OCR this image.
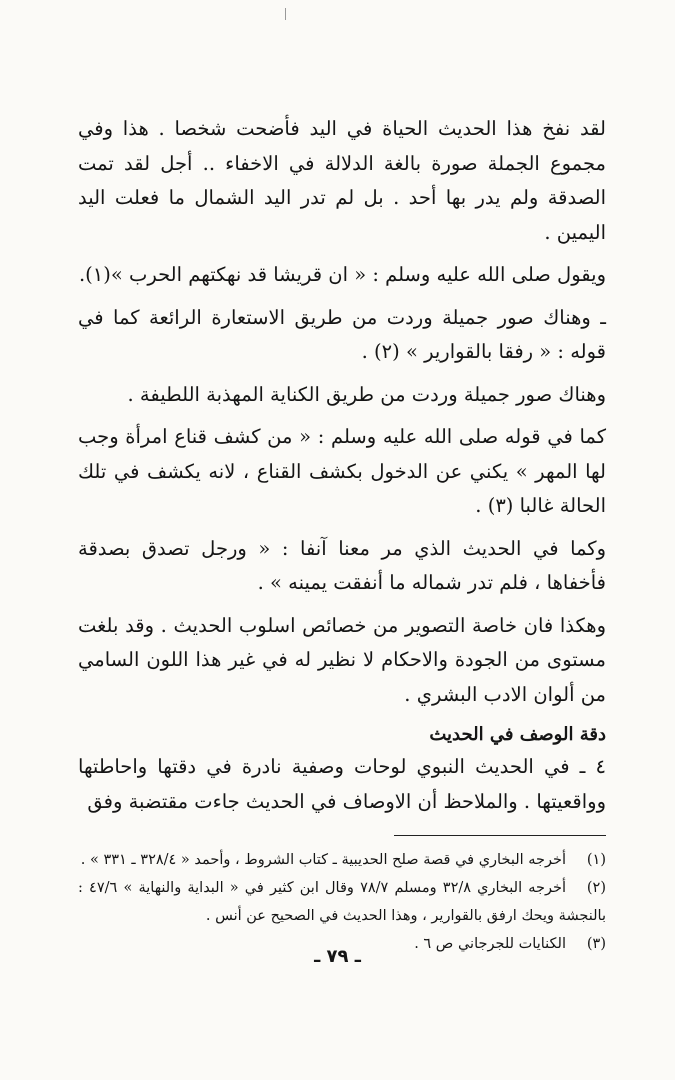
لقد نفخ هذا الحديث الحياة في اليد فأضحت شخصا . هذا وفي مجموع الجملة صورة بالغة الدلالة في الاخفاء .. أجل لقد تمت الصدقة ولم يدر بها أحد . بل لم تدر اليد الشمال ما فعلت اليد اليمين .

ويقول صلى الله عليه وسلم : « ان قريشا قد نهكتهم الحرب »(١).

ـ وهناك صور جميلة وردت من طريق الاستعارة الرائعة كما في قوله : « رفقا بالقوارير » (٢) .

وهناك صور جميلة وردت من طريق الكناية المهذبة اللطيفة .

كما في قوله صلى الله عليه وسلم : « من كشف قناع امرأة وجب لها المهر » يكني عن الدخول بكشف القناع ، لانه يكشف في تلك الحالة غالبا (٣) .

وكما في الحديث الذي مر معنا آنفا : « ورجل تصدق بصدقة فأخفاها ، فلم تدر شماله ما أنفقت يمينه » .

وهكذا فان خاصة التصوير من خصائص اسلوب الحديث . وقد بلغت مستوى من الجودة والاحكام لا نظير له في غير هذا اللون السامي من ألوان الادب البشري .

دقة الوصف في الحديث

٤ ـ في الحديث النبوي لوحات وصفية نادرة في دقتها واحاطتها وواقعيتها . والملاحظ أن الاوصاف في الحديث جاءت مقتضبة وفق

(١)أخرجه البخاري في قصة صلح الحديبية ـ كتاب الشروط ، وأحمد « ٣٢٨/٤ ـ ٣٣١ » .

(٢)أخرجه البخاري ٣٢/٨ ومسلم ٧٨/٧ وقال ابن كثير في « البداية والنهاية » ٤٧/٦ : بالنجشة ويحك ارفق بالقوارير ، وهذا الحديث في الصحيح عن أنس .

(٣)الكنايات للجرجاني ص ٦ .

ـ ٧٩ ـ
